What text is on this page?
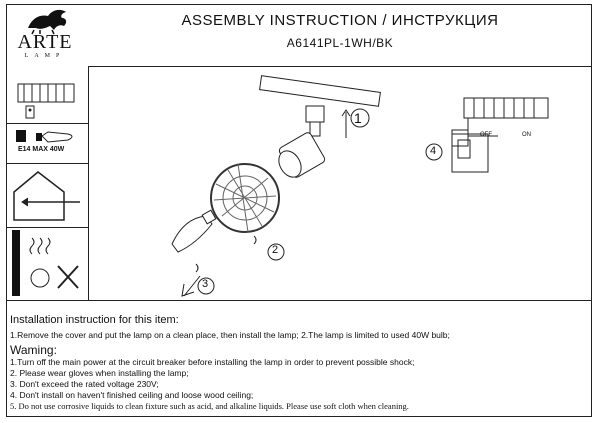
ARTE
LAMP
ASSEMBLY INSTRUCTION / ИНСТРУКЦИЯ
A6141PL-1WH/BK
E14 MAX 40W
1
2
3
4
OFF	ON
Installation instruction for this item:
1.Remove the cover and put the lamp on a clean place, then install the lamp; 2.The lamp is limited to used 40W bulb;
Waming:
1.Turn off the main power at the circuit breaker before installing the lamp in order to prevent possible shock;
2. Please wear gloves when installing the lamp;
3. Don't exceed the rated voltage 230V;
4. Don't install on haven't finished ceiling and loose wood ceiling;
5. Do not use corrosive liquids to clean fixture such as acid, and alkaline liquids. Please use soft cloth when cleaning.
